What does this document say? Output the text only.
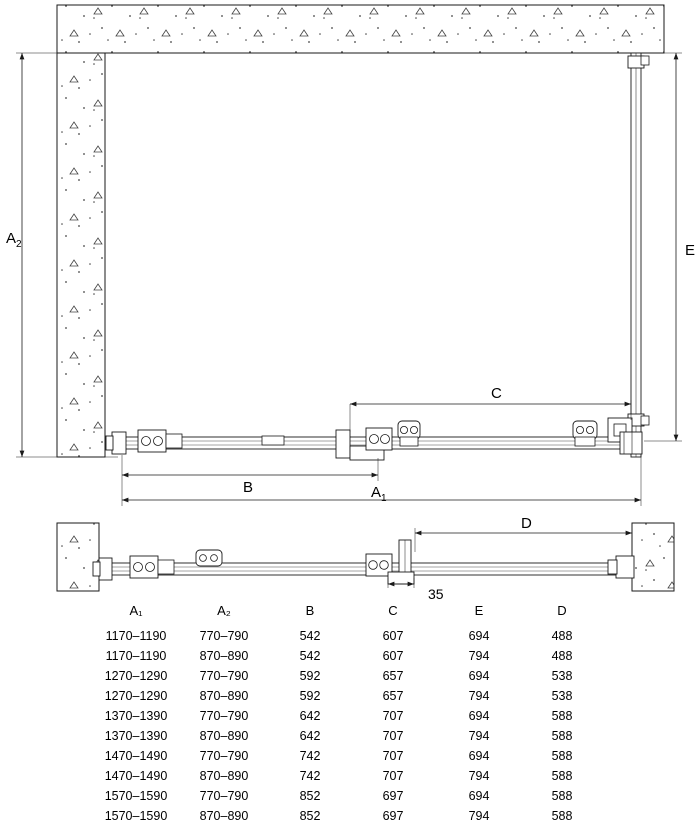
$A_2$	E
C
B	$A_1$
D
35
A₁	A₂	B	C	E	D
1170–1190	770–790	542	607	694	488
1170–1190	870–890	542	607	794	488
1270–1290	770–790	592	657	694	538
1270–1290	870–890	592	657	794	538
1370–1390	770–790	642	707	694	588
1370–1390	870–890	642	707	794	588
1470–1490	770–790	742	707	694	588
1470–1490	870–890	742	707	794	588
1570–1590	770–790	852	697	694	588
1570–1590	870–890	852	697	794	588
